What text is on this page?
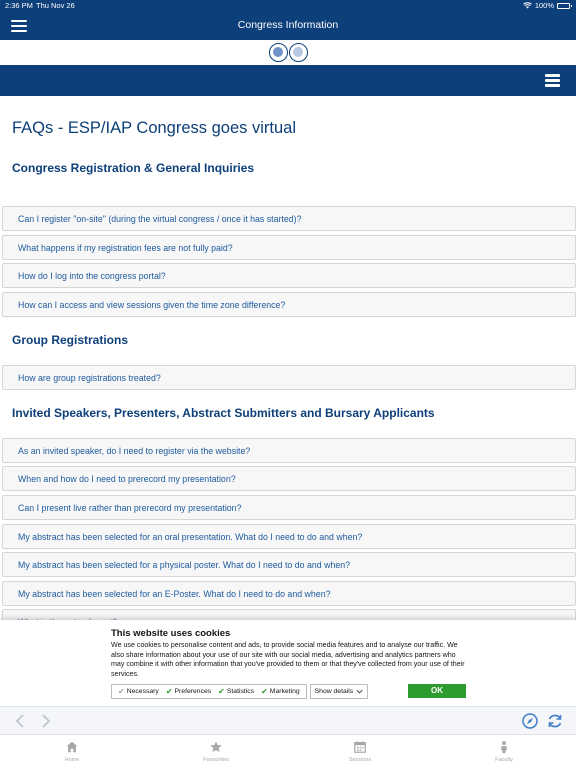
2:36 PM Thu Nov 26	100%
Congress Information
FAQs - ESP/IAP Congress goes virtual
Congress Registration & General Inquiries
Can I register "on-site" (during the virtual congress / once it has started)?
What happens if my registration fees are not fully paid?
How do I log into the congress portal?
How can I access and view sessions given the time zone difference?
Group Registrations
How are group registrations treated?
Invited Speakers, Presenters, Abstract Submitters and Bursary Applicants
As an invited speaker, do I need to register via the website?
When and how do I need to prerecord my presentation?
Can I present live rather than prerecord my presentation?
My abstract has been selected for an oral presentation. What do I need to do and when?
My abstract has been selected for a physical poster. What do I need to do and when?
My abstract has been selected for an E-Poster. What do I need to do and when?
This website uses cookies
We use cookies to personalise content and ads, to provide social media features and to analyse our traffic. We also share information about your use of our site with our social media, advertising and analytics partners who may combine it with other information that you've provided to them or that they've collected from your use of their services.
✔ Necessary ✔ Preferences ✔ Statistics ✔ Marketing Show details	OK
Home	Favourites	Sessions	Faculty
